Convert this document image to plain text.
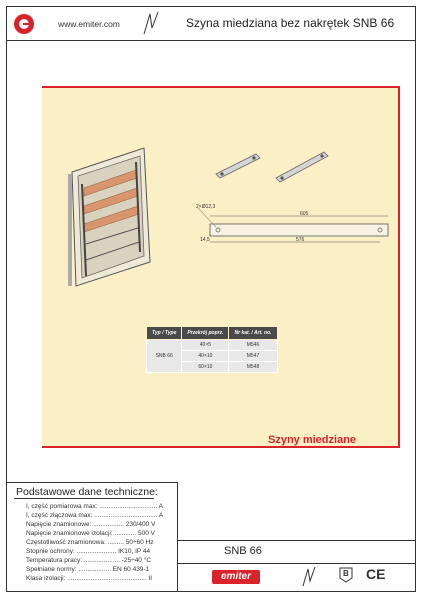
www.emiter.com	Szyna miedziana bez nakrętek SNB 66
605
576
14,5
2×Ø12,3
Typ / Type	Przekrój poprz.	Nr kat. / Art. no.
SNB 66	40×5	M546
	40×10	M547
	60×10	M548
Szyny miedziane
Podstawowe dane techniczne:
I, część pomiarowa max: ................................ A
I, część złączowa max: ................................... A
Napięcie znamionowe: ................. 230/400 V
Napięcie znamionowe izolacji: ............ 500 V
Częstotliwość znamionowa: ......... 50÷60 Hz
Stopnie ochrony: ...................... IK10, IP 44
Temperatura pracy: .................... -25÷40 °C
Spełniane normy: .................. EN 60 439-1
Klasa izolacji: ............................................ II
SNB 66
emiter	B CE
